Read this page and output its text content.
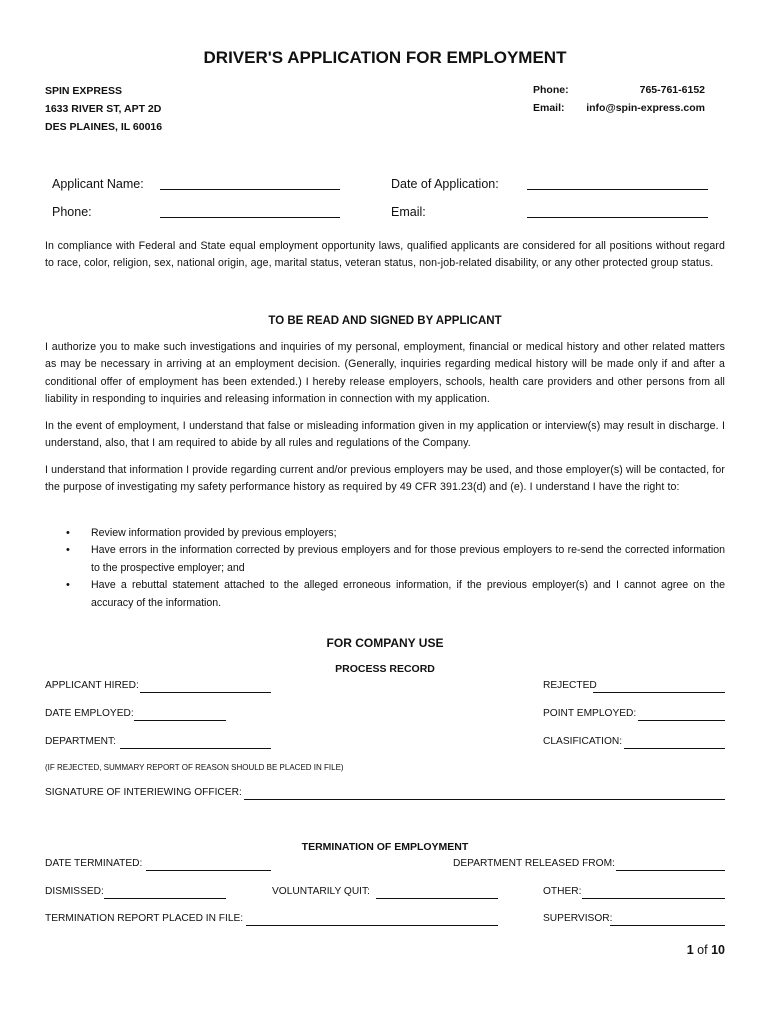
DRIVER'S APPLICATION FOR EMPLOYMENT
SPIN EXPRESS
1633 RIVER ST, APT 2D
DES PLAINES, IL 60016
Phone:	765-761-6152
Email: info@spin-express.com
Applicant Name:	Date of Application:
Phone:	Email:
In compliance with Federal and State equal employment opportunity laws, qualified applicants are considered for all positions without regard to race, color, religion, sex, national origin, age, marital status, veteran status, non-job-related disability, or any other protected group status.
TO BE READ AND SIGNED BY APPLICANT
I authorize you to make such investigations and inquiries of my personal, employment, financial or medical history and other related matters as may be necessary in arriving at an employment decision. (Generally, inquiries regarding medical history will be made only if and after a conditional offer of employment has been extended.) I hereby release employers, schools, health care providers and other persons from all liability in responding to inquiries and releasing information in connection with my application.
In the event of employment, I understand that false or misleading information given in my application or interview(s) may result in discharge. I understand, also, that I am required to abide by all rules and regulations of the Company.
I understand that information I provide regarding current and/or previous employers may be used, and those employer(s) will be contacted, for the purpose of investigating my safety performance history as required by 49 CFR 391.23(d) and (e). I understand I have the right to:
• Review information provided by previous employers;
• Have errors in the information corrected by previous employers and for those previous employers to re-send the corrected information to the prospective employer; and
• Have a rebuttal statement attached to the alleged erroneous information, if the previous employer(s) and I cannot agree on the accuracy of the information.
FOR COMPANY USE
PROCESS RECORD
APPLICANT HIRED:	REJECTED
DATE EMPLOYED:	POINT EMPLOYED:
DEPARTMENT:	CLASIFICATION:
(IF REJECTED, SUMMARY REPORT OF REASON SHOULD BE PLACED IN FILE)
SIGNATURE OF INTERIEWING OFFICER:
TERMINATION OF EMPLOYMENT
DATE TERMINATED:	DEPARTMENT RELEASED FROM:
DISMISSED:	VOLUNTARILY QUIT:	OTHER:
TERMINATION REPORT PLACED IN FILE:	SUPERVISOR:
1 of 10
